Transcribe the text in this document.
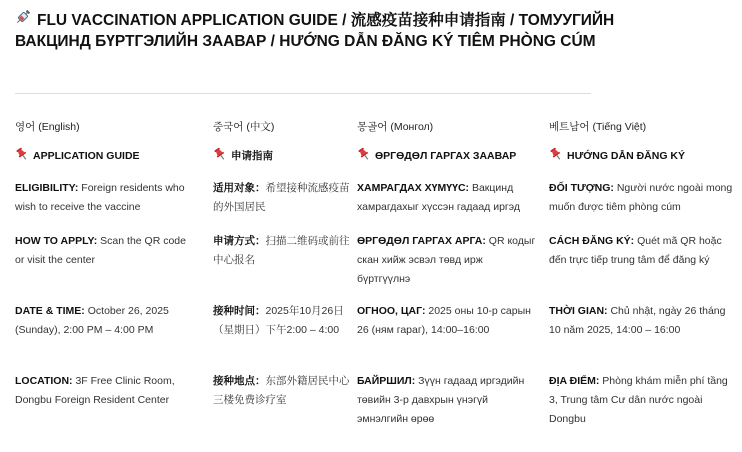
FLU VACCINATION APPLICATION GUIDE / 流感疫苗接种申请指南 / ТОМУУГИЙН ВАКЦИНД БҮРТГЭЛИЙН ЗААВАР / HƯỚNG DẪN ĐĂNG KÝ TIÊM PHÒNG CÚM
영어 (English)
APPLICATION GUIDE
ELIGIBILITY: Foreign residents who wish to receive the vaccine
HOW TO APPLY: Scan the QR code or visit the center
DATE & TIME: October 26, 2025 (Sunday), 2:00 PM – 4:00 PM
LOCATION: 3F Free Clinic Room, Dongbu Foreign Resident Center
중국어 (中文)
申请指南
适用对象：希望接种流感疫苗的外国居民
申请方式：扫描二维码或前往中心报名
接种时间：2025年10月26日（星期日）下午2:00 – 4:00
接种地点：东部外籍居民中心三楼免费诊疗室
몽골어 (Монгол)
ӨРГӨДӨЛ ГАРГАХ ЗААВАР
ХАМРАГДАХ ХҮМҮҮС: Вакцинд хамрагдахыг хүссэн гадаад иргэд
ӨРГӨДӨЛ ГАРГАХ АРГА: QR кодыг скан хийж эсвэл төвд ирж бүртгүүлнэ
ОГНОО, ЦАГ: 2025 оны 10-р сарын 26 (ням гараг), 14:00–16:00
БАЙРШИЛ: Зүүн гадаад иргэдийн төвийн 3-р давхрын үнэгүй эмнэлгийн өрөө
베트남어 (Tiếng Việt)
HƯỚNG DẪN ĐĂNG KÝ
ĐỐI TƯỢNG: Người nước ngoài mong muốn được tiêm phòng cúm
CÁCH ĐĂNG KÝ: Quét mã QR hoặc đến trực tiếp trung tâm để đăng ký
THỜI GIAN: Chủ nhật, ngày 26 tháng 10 năm 2025, 14:00 – 16:00
ĐỊA ĐIỂM: Phòng khám miễn phí tầng 3, Trung tâm Cư dân nước ngoài Dongbu
